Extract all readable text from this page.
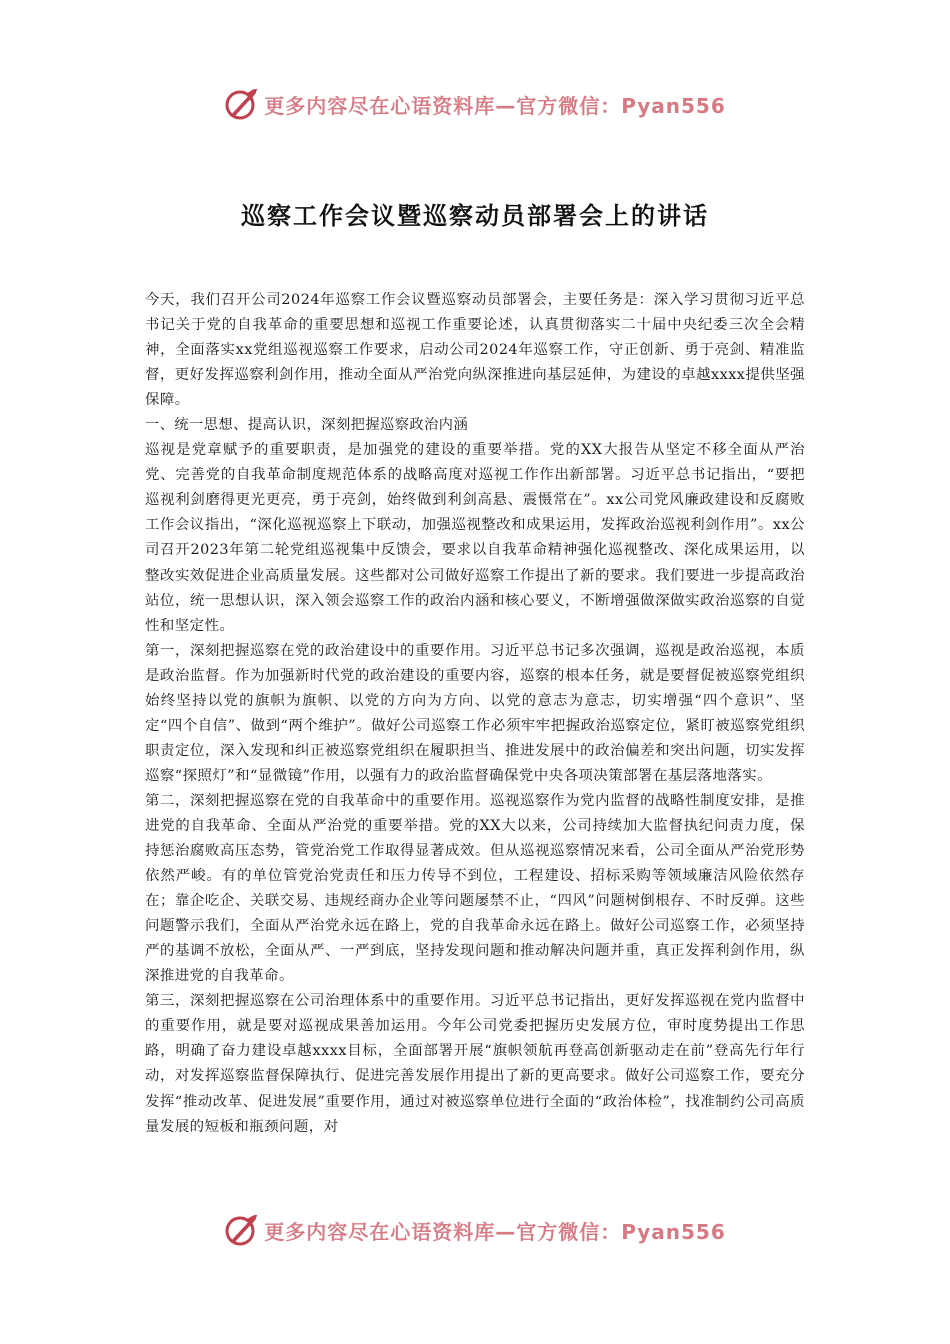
更多内容尽在心语资料库—官方微信：Pyan556
巡察工作会议暨巡察动员部署会上的讲话

今天，我们召开公司2024年巡察工作会议暨巡察动员部署会，主要任务是：深入学习贯彻习近平总书记关于党的自我革命的重要思想和巡视工作重要论述，认真贯彻落实二十届中央纪委三次全会精神，全面落实xx党组巡视巡察工作要求，启动公司2024年巡察工作，守正创新、勇于亮剑、精准监督，更好发挥巡察利剑作用，推动全面从严治党向纵深推进向基层延伸，为建设的卓越xxxx提供坚强保障。

一、统一思想、提高认识，深刻把握巡察政治内涵

巡视是党章赋予的重要职责，是加强党的建设的重要举措。党的XX大报告从坚定不移全面从严治党、完善党的自我革命制度规范体系的战略高度对巡视工作作出新部署。习近平总书记指出，“要把巡视利剑磨得更光更亮，勇于亮剑，始终做到利剑高悬、震慑常在”。xx公司党风廉政建设和反腐败工作会议指出，“深化巡视巡察上下联动，加强巡视整改和成果运用，发挥政治巡视利剑作用”。xx公司召开2023年第二轮党组巡视集中反馈会，要求以自我革命精神强化巡视整改、深化成果运用，以整改实效促进企业高质量发展。这些都对公司做好巡察工作提出了新的要求。我们要进一步提高政治站位，统一思想认识，深入领会巡察工作的政治内涵和核心要义，不断增强做深做实政治巡察的自觉性和坚定性。

第一，深刻把握巡察在党的政治建设中的重要作用。习近平总书记多次强调，巡视是政治巡视，本质是政治监督。作为加强新时代党的政治建设的重要内容，巡察的根本任务，就是要督促被巡察党组织始终坚持以党的旗帜为旗帜、以党的方向为方向、以党的意志为意志，切实增强“四个意识”、坚定“四个自信”、做到“两个维护”。做好公司巡察工作必须牢牢把握政治巡察定位，紧盯被巡察党组织职责定位，深入发现和纠正被巡察党组织在履职担当、推进发展中的政治偏差和突出问题，切实发挥巡察“探照灯”和“显微镜”作用，以强有力的政治监督确保党中央各项决策部署在基层落地落实。

第二，深刻把握巡察在党的自我革命中的重要作用。巡视巡察作为党内监督的战略性制度安排，是推进党的自我革命、全面从严治党的重要举措。党的XX大以来，公司持续加大监督执纪问责力度，保持惩治腐败高压态势，管党治党工作取得显著成效。但从巡视巡察情况来看，公司全面从严治党形势依然严峻。有的单位管党治党责任和压力传导不到位，工程建设、招标采购等领域廉洁风险依然存在；靠企吃企、关联交易、违规经商办企业等问题屡禁不止，“四风”问题树倒根存、不时反弹。这些问题警示我们，全面从严治党永远在路上，党的自我革命永远在路上。做好公司巡察工作，必须坚持严的基调不放松，全面从严、一严到底，坚持发现问题和推动解决问题并重，真正发挥利剑作用，纵深推进党的自我革命。

第三，深刻把握巡察在公司治理体系中的重要作用。习近平总书记指出，更好发挥巡视在党内监督中的重要作用，就是要对巡视成果善加运用。今年公司党委把握历史发展方位，审时度势提出工作思路，明确了奋力建设卓越xxxx目标，全面部署开展“旗帜领航再登高创新驱动走在前”登高先行年行动，对发挥巡察监督保障执行、促进完善发展作用提出了新的更高要求。做好公司巡察工作，要充分发挥“推动改革、促进发展”重要作用，通过对被巡察单位进行全面的“政治体检”，找准制约公司高质量发展的短板和瓶颈问题，对

更多内容尽在心语资料库—官方微信：Pyan556
